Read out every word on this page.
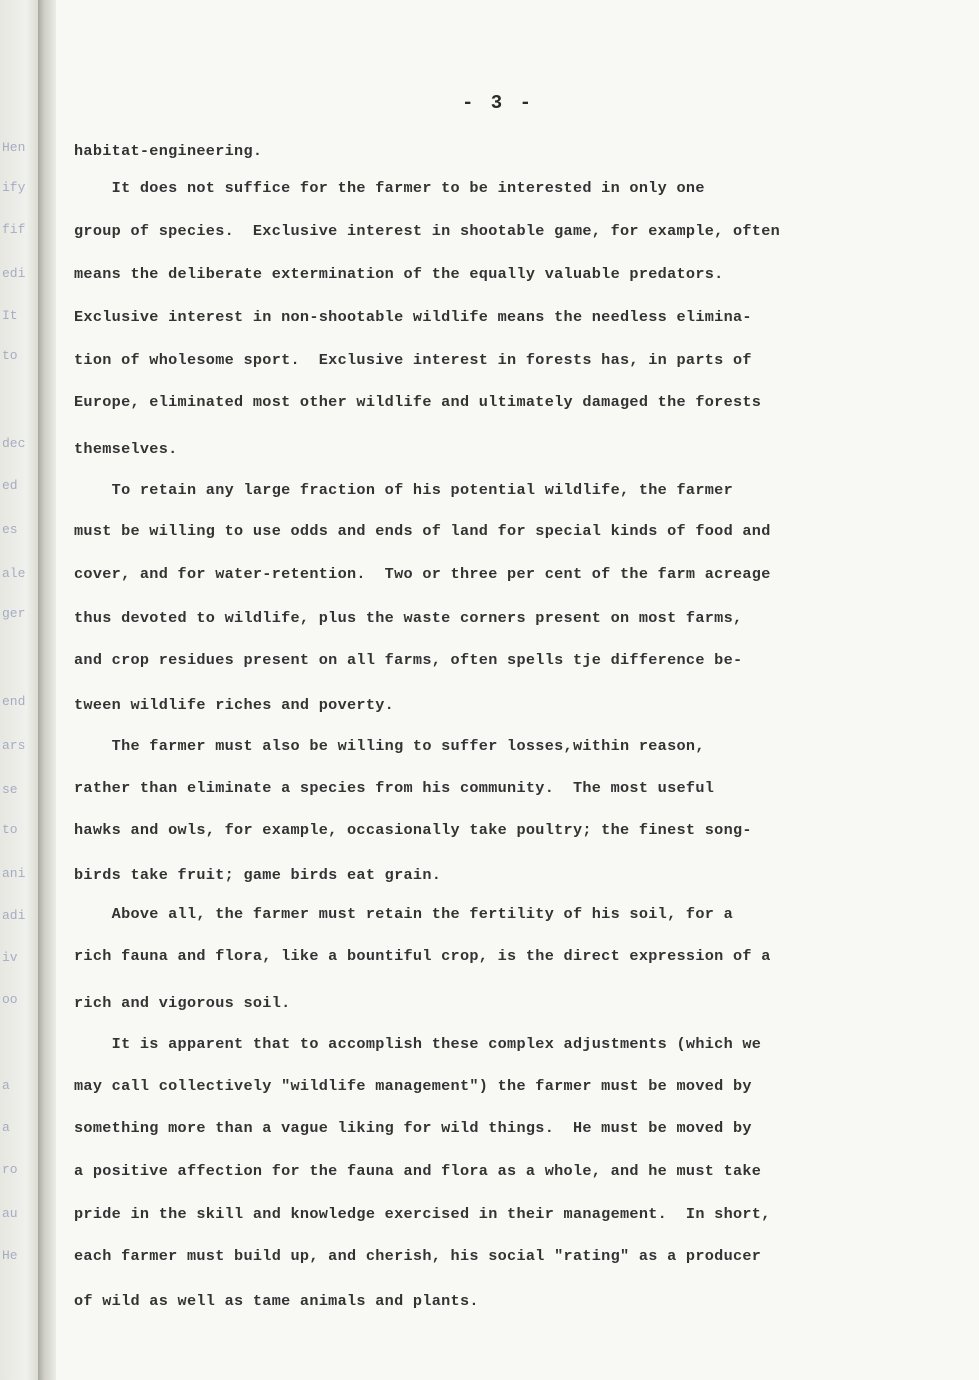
Hen
ify
fif
edi
It
to
dec
ed
es
ale
ger
end
ars
se
to
ani
adi
iv
oo
a
a
ro
au
He
- 3 -
habitat-engineering.
It does not suffice for the farmer to be interested in only one
group of species.  Exclusive interest in shootable game, for example, often
means the deliberate extermination of the equally valuable predators.
Exclusive interest in non-shootable wildlife means the needless elimina-
tion of wholesome sport.  Exclusive interest in forests has, in parts of
Europe, eliminated most other wildlife and ultimately damaged the forests
themselves.
To retain any large fraction of his potential wildlife, the farmer
must be willing to use odds and ends of land for special kinds of food and
cover, and for water-retention.  Two or three per cent of the farm acreage
thus devoted to wildlife, plus the waste corners present on most farms,
and crop residues present on all farms, often spells tje difference be-
tween wildlife riches and poverty.
The farmer must also be willing to suffer losses,within reason,
rather than eliminate a species from his community.  The most useful
hawks and owls, for example, occasionally take poultry; the finest song-
birds take fruit; game birds eat grain.
Above all, the farmer must retain the fertility of his soil, for a
rich fauna and flora, like a bountiful crop, is the direct expression of a
rich and vigorous soil.
It is apparent that to accomplish these complex adjustments (which we
may call collectively "wildlife management") the farmer must be moved by
something more than a vague liking for wild things.  He must be moved by
a positive affection for the fauna and flora as a whole, and he must take
pride in the skill and knowledge exercised in their management.  In short,
each farmer must build up, and cherish, his social "rating" as a producer
of wild as well as tame animals and plants.
